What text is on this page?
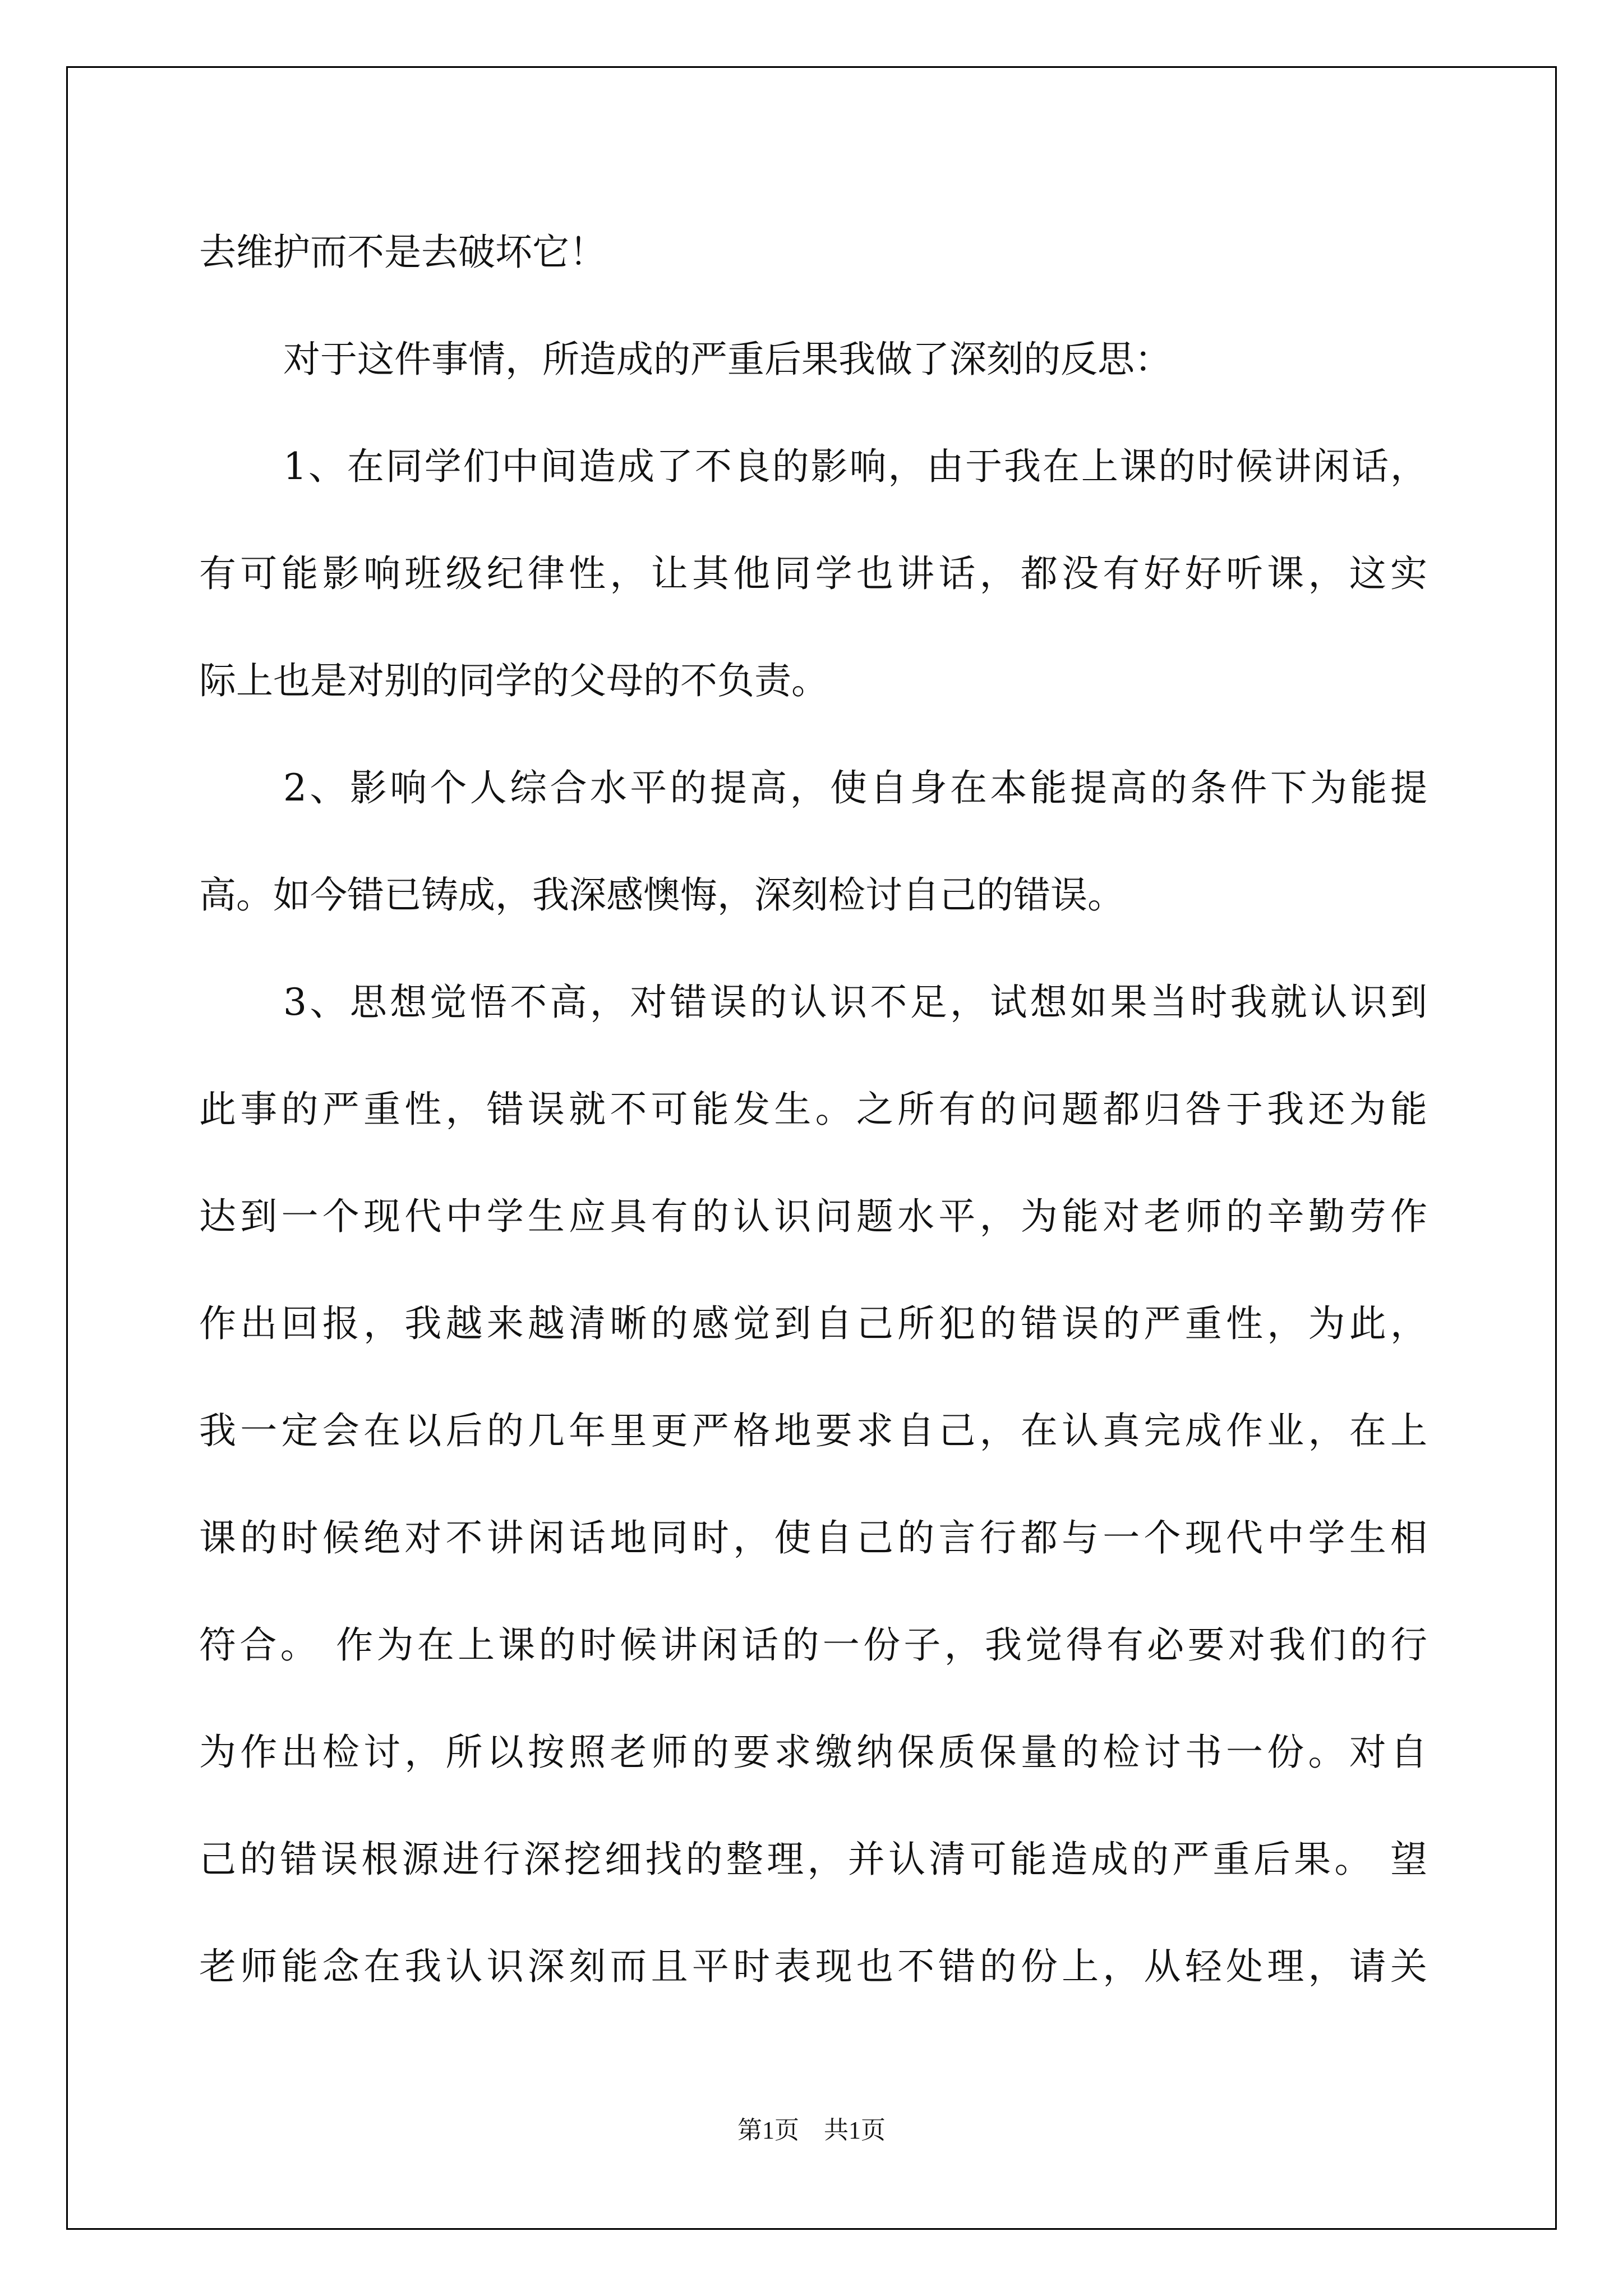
去维护而不是去破坏它！
对于这件事情，所造成的严重后果我做了深刻的反思：
1、在同学们中间造成了不良的影响，由于我在上课的时候讲闲话，
有可能影响班级纪律性，让其他同学也讲话，都没有好好听课，这实
际上也是对别的同学的父母的不负责。
2、影响个人综合水平的提高，使自身在本能提高的条件下为能提
高。如今错已铸成，我深感懊悔，深刻检讨自己的错误。
3、思想觉悟不高，对错误的认识不足，试想如果当时我就认识到
此事的严重性，错误就不可能发生。之所有的问题都归咎于我还为能
达到一个现代中学生应具有的认识问题水平，为能对老师的辛勤劳作
作出回报，我越来越清晰的感觉到自己所犯的错误的严重性，为此，
我一定会在以后的几年里更严格地要求自己，在认真完成作业，在上
课的时候绝对不讲闲话地同时，使自己的言行都与一个现代中学生相
符合。 作为在上课的时候讲闲话的一份子，我觉得有必要对我们的行
为作出检讨，所以按照老师的要求缴纳保质保量的检讨书一份。对自
己的错误根源进行深挖细找的整理，并认清可能造成的严重后果。 望
老师能念在我认识深刻而且平时表现也不错的份上，从轻处理，请关
第1页 共1页
